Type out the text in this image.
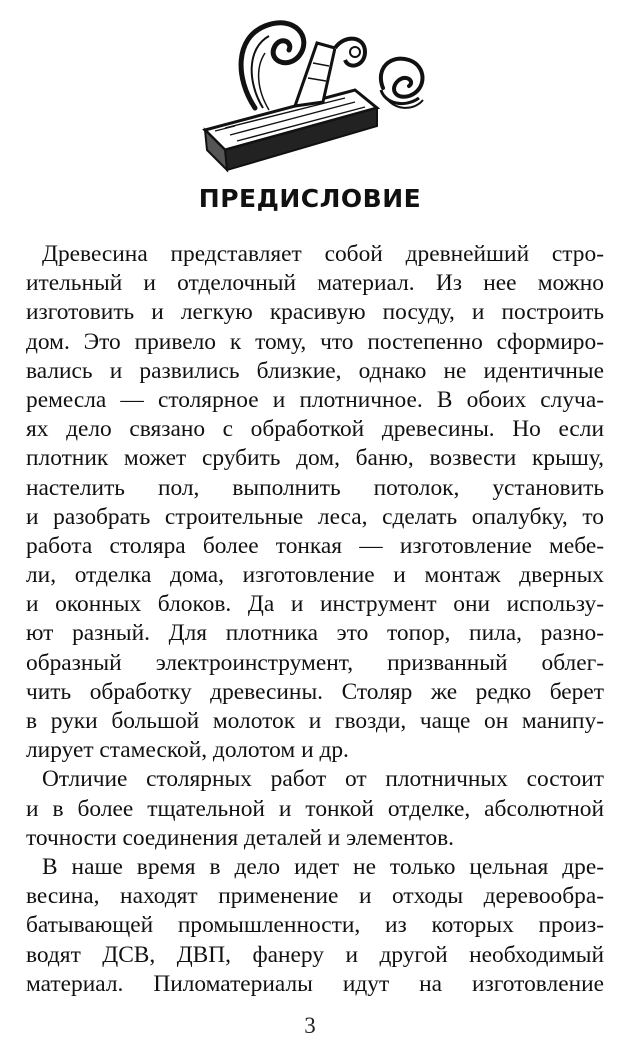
ПРЕДИСЛОВИЕ
Древесина представляет собой древнейший стро-
ительный и отделочный материал. Из нее можно
изготовить и легкую красивую посуду, и построить
дом. Это привело к тому, что постепенно сформиро-
вались и развились близкие, однако не идентичные
ремесла — столярное и плотничное. В обоих случа-
ях дело связано с обработкой древесины. Но если
плотник может срубить дом, баню, возвести крышу,
настелить пол, выполнить потолок, установить
и разобрать строительные леса, сделать опалубку, то
работа столяра более тонкая — изготовление мебе-
ли, отделка дома, изготовление и монтаж дверных
и оконных блоков. Да и инструмент они использу-
ют разный. Для плотника это топор, пила, разно-
образный электроинструмент, призванный облег-
чить обработку древесины. Столяр же редко берет
в руки большой молоток и гвозди, чаще он манипу-
лирует стамеской, долотом и др.
Отличие столярных работ от плотничных состоит
и в более тщательной и тонкой отделке, абсолютной
точности соединения деталей и элементов.
В наше время в дело идет не только цельная дре-
весина, находят применение и отходы деревообра-
батывающей промышленности, из которых произ-
водят ДСВ, ДВП, фанеру и другой необходимый
материал. Пиломатериалы идут на изготовление
3
